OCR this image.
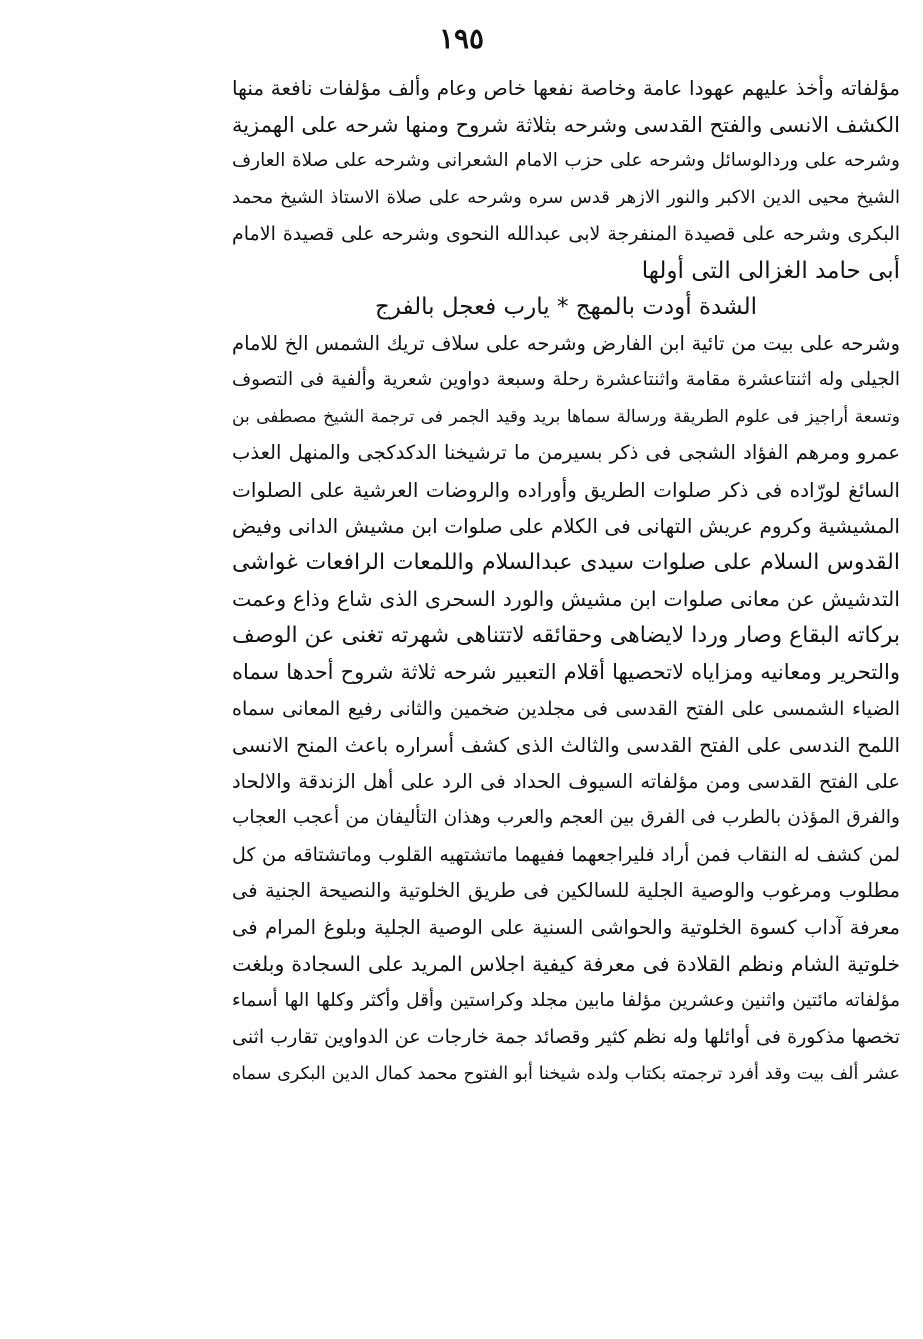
١٩٥
مؤلفاته وأخذ عليهم عهودا عامة وخاصة نفعها خاص وعام وألف مؤلفات نافعة منها
الكشف الانسى والفتح القدسى وشرحه بثلاثة شروح ومنها شرحه على الهمزية
وشرحه على وردالوسائل وشرحه على حزب الامام الشعرانى وشرحه على صلاة العارف
الشيخ محيى الدين الاكبر والنور الازهر قدس سره وشرحه على صلاة الاستاذ الشيخ محمد
البكرى وشرحه على قصيدة المنفرجة لابى عبدالله النحوى وشرحه على قصيدة الامام
أبى حامد الغزالى التى أولها
الشدة أودت بالمهج * يارب فعجل بالفرج
وشرحه على بيت من تائية ابن الفارض وشرحه على سلاف تريك الشمس الخ للامام
الجيلى وله اثنتاعشرة مقامة واثنتاعشرة رحلة وسبعة دواوين شعرية وألفية فى التصوف
وتسعة أراجيز فى علوم الطريقة ورسالة سماها بريد وقيد الجمر فى ترجمة الشيخ مصطفى بن
عمرو ومرهم الفؤاد الشجى فى ذكر بسيرمن ما ترشيخنا الدكدكجى والمنهل العذب
السائغ لورّاده فى ذكر صلوات الطريق وأوراده والروضات العرشية على الصلوات
المشيشية وكروم عريش التهانى فى الكلام على صلوات ابن مشيش الدانى وفيض
القدوس السلام على صلوات سيدى عبدالسلام واللمعات الرافعات غواشى
التدشيش عن معانى صلوات ابن مشيش والورد السحرى الذى شاع وذاع وعمت
بركاته البقاع وصار وردا لايضاهى وحقائقه لاتتناهى شهرته تغنى عن الوصف
والتحرير ومعانيه ومزاياه لاتحصيها أقلام التعبير شرحه ثلاثة شروح أحدها سماه
الضياء الشمسى على الفتح القدسى فى مجلدين ضخمين والثانى رفيع المعانى سماه
اللمح الندسى على الفتح القدسى والثالث الذى كشف أسراره باعث المنح الانسى
على الفتح القدسى ومن مؤلفاته السيوف الحداد فى الرد على أهل الزندقة والالحاد
والفرق المؤذن بالطرب فى الفرق بين العجم والعرب وهذان التأليفان من أعجب العجاب
لمن كشف له النقاب فمن أراد فليراجعهما ففيهما ماتشتهيه القلوب وماتشتاقه من كل
مطلوب ومرغوب والوصية الجلية للسالكين فى طريق الخلوتية والنصيحة الجنية فى
معرفة آداب كسوة الخلوتية والحواشى السنية على الوصية الجلية وبلوغ المرام فى
خلوتية الشام ونظم القلادة فى معرفة كيفية اجلاس المريد على السجادة وبلغت
مؤلفاته مائتين واثنين وعشرين مؤلفا مابين مجلد وكراستين وأقل وأكثر وكلها الها أسماء
تخصها مذكورة فى أوائلها وله نظم كثير وقصائد جمة خارجات عن الدواوين تقارب اثنى
عشر ألف بيت وقد أفرد ترجمته بكتاب ولده شيخنا أبو الفتوح محمد كمال الدين البكرى سماه
